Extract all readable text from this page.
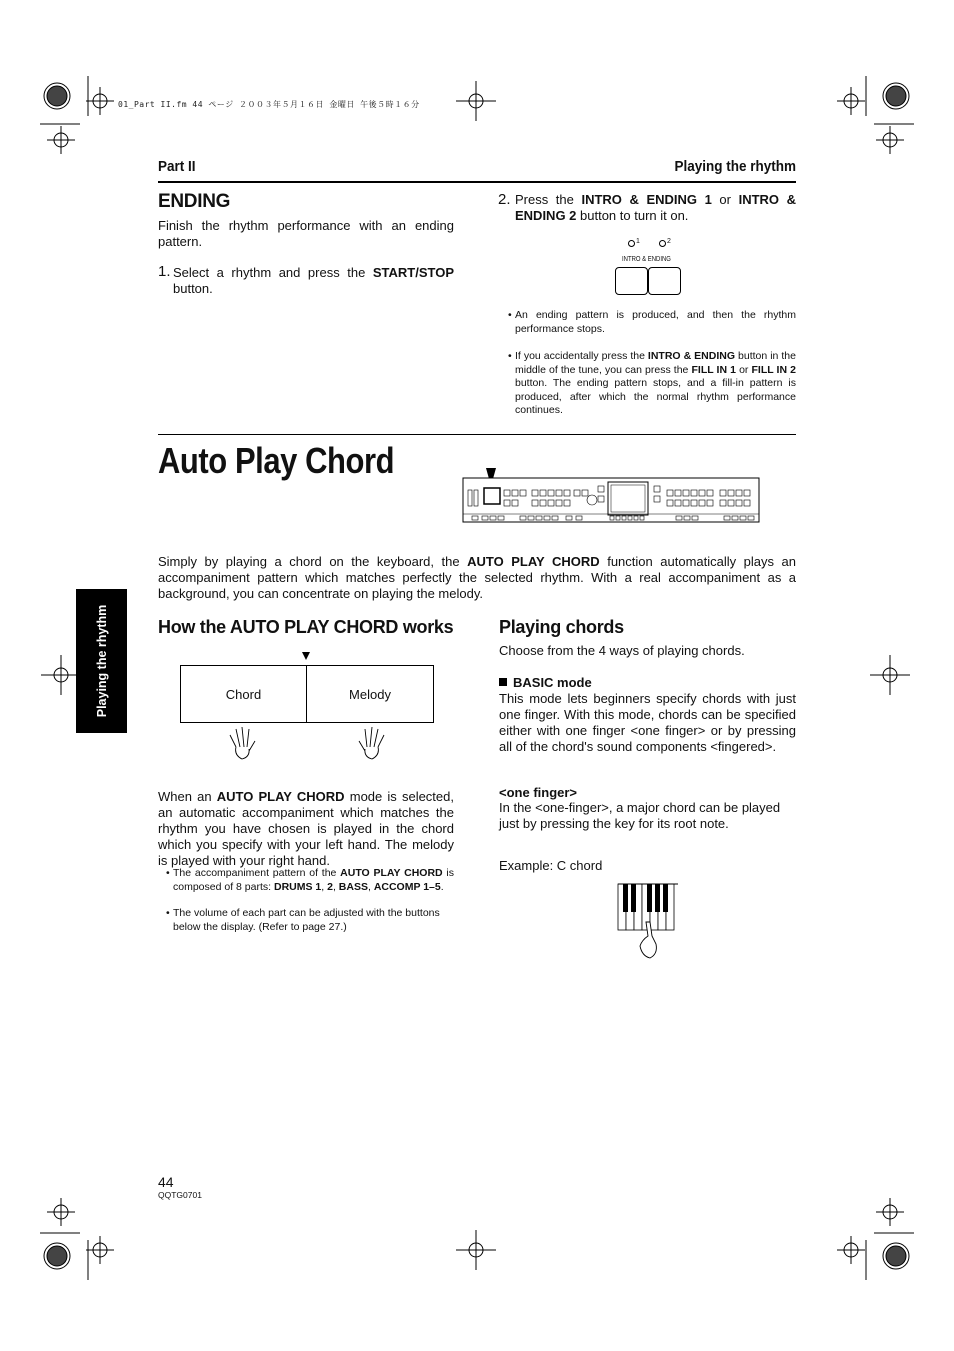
01_Part II.fm 44 ページ ２００３年５月１６日 金曜日 午後５時１６分
Part II	Playing the rhythm
Playing the rhythm
ENDING
Finish the rhythm performance with an ending pattern.
1. Select a rhythm and press the START/STOP button.
2. Press the INTRO & ENDING 1 or INTRO & ENDING 2 button to turn it on.
1	2
INTRO & ENDING
• An ending pattern is produced, and then the rhythm performance stops.
• If you accidentally press the INTRO & ENDING button in the middle of the tune, you can press the FILL IN 1 or FILL IN 2 button. The ending pattern stops, and a fill-in pattern is produced, after which the normal rhythm performance continues.
Auto Play Chord
Simply by playing a chord on the keyboard, the AUTO PLAY CHORD function automatically plays an accompaniment pattern which matches perfectly the selected rhythm. With a real accompaniment as a background, you can concentrate on playing the melody.
How the AUTO PLAY CHORD works
Chord	Melody
When an AUTO PLAY CHORD mode is selected, an automatic accompaniment which matches the rhythm you have chosen is played in the chord which you specify with your left hand. The melody is played with your right hand.
• The accompaniment pattern of the AUTO PLAY CHORD is composed of 8 parts: DRUMS 1, 2, BASS, ACCOMP 1–5.
• The volume of each part can be adjusted with the buttons below the display. (Refer to page 27.)
Playing chords
Choose from the 4 ways of playing chords.
BASIC mode
This mode lets beginners specify chords with just one finger. With this mode, chords can be specified either with one finger <one finger> or by pressing all of the chord's sound components <fingered>.
<one finger>
In the <one-finger>, a major chord can be played just by pressing the key for its root note.
Example: C chord
44
QQTG0701
